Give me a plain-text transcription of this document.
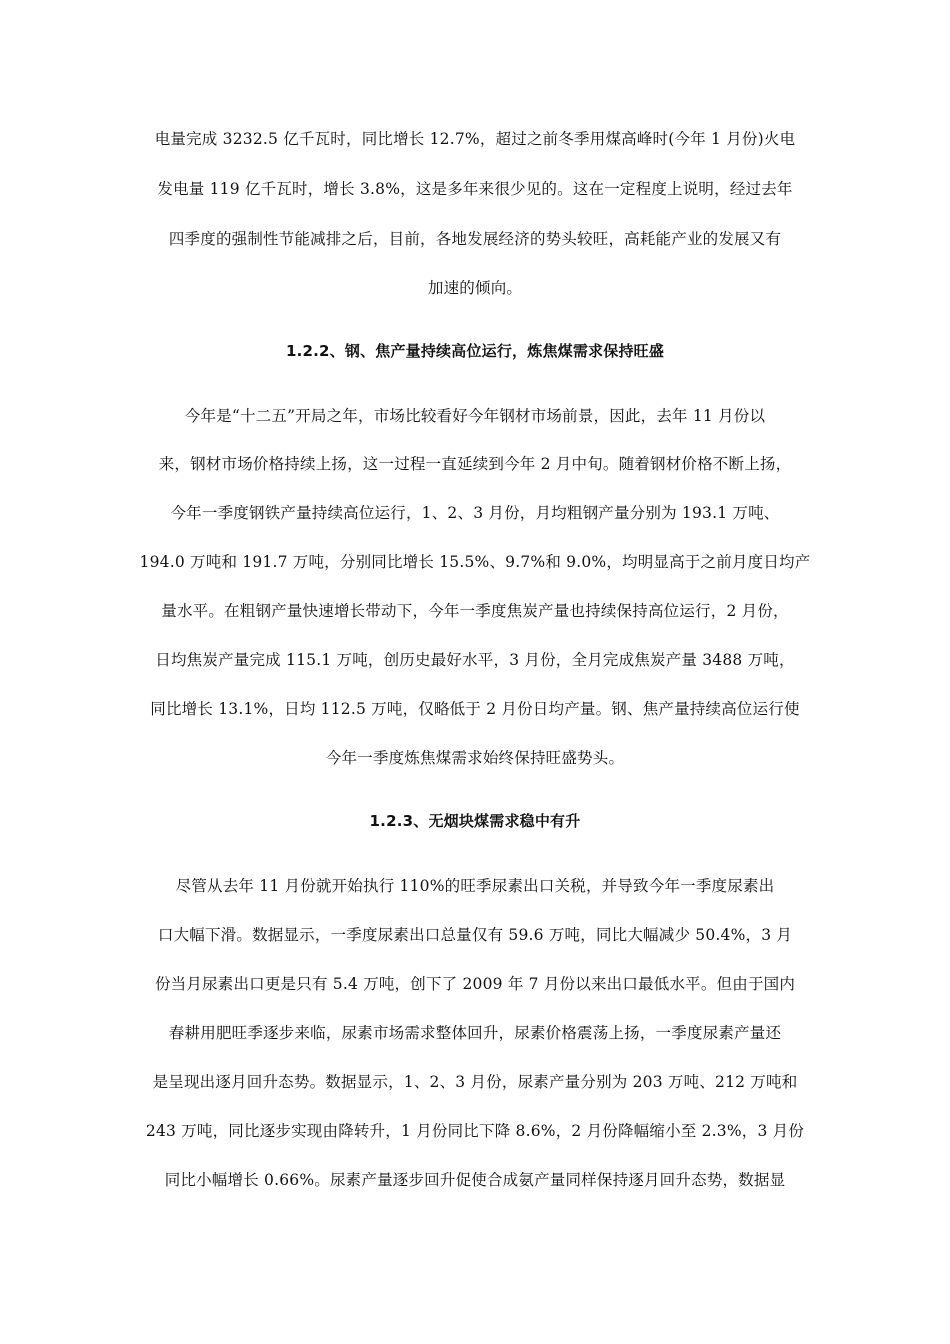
电量完成 3232.5 亿千瓦时，同比增长 12.7%，超过之前冬季用煤高峰时(今年 1 月份)火电
发电量 119 亿千瓦时，增长 3.8%，这是多年来很少见的。这在一定程度上说明，经过去年
四季度的强制性节能减排之后，目前，各地发展经济的势头较旺，高耗能产业的发展又有
加速的倾向。
1.2.2、钢、焦产量持续高位运行，炼焦煤需求保持旺盛
今年是“十二五”开局之年，市场比较看好今年钢材市场前景，因此，去年 11 月份以
来，钢材市场价格持续上扬，这一过程一直延续到今年 2 月中旬。随着钢材价格不断上扬，
今年一季度钢铁产量持续高位运行，1、2、3 月份，月均粗钢产量分别为 193.1 万吨、
194.0 万吨和 191.7 万吨，分别同比增长 15.5%、9.7%和 9.0%，均明显高于之前月度日均产
量水平。在粗钢产量快速增长带动下，今年一季度焦炭产量也持续保持高位运行，2 月份，
日均焦炭产量完成 115.1 万吨，创历史最好水平，3 月份，全月完成焦炭产量 3488 万吨，
同比增长 13.1%，日均 112.5 万吨，仅略低于 2 月份日均产量。钢、焦产量持续高位运行使
今年一季度炼焦煤需求始终保持旺盛势头。
1.2.3、无烟块煤需求稳中有升
尽管从去年 11 月份就开始执行 110%的旺季尿素出口关税，并导致今年一季度尿素出
口大幅下滑。数据显示，一季度尿素出口总量仅有 59.6 万吨，同比大幅减少 50.4%，3 月
份当月尿素出口更是只有 5.4 万吨，创下了 2009 年 7 月份以来出口最低水平。但由于国内
春耕用肥旺季逐步来临，尿素市场需求整体回升，尿素价格震荡上扬，一季度尿素产量还
是呈现出逐月回升态势。数据显示，1、2、3 月份，尿素产量分别为 203 万吨、212 万吨和
243 万吨，同比逐步实现由降转升，1 月份同比下降 8.6%，2 月份降幅缩小至 2.3%，3 月份
同比小幅增长 0.66%。尿素产量逐步回升促使合成氨产量同样保持逐月回升态势，数据显
